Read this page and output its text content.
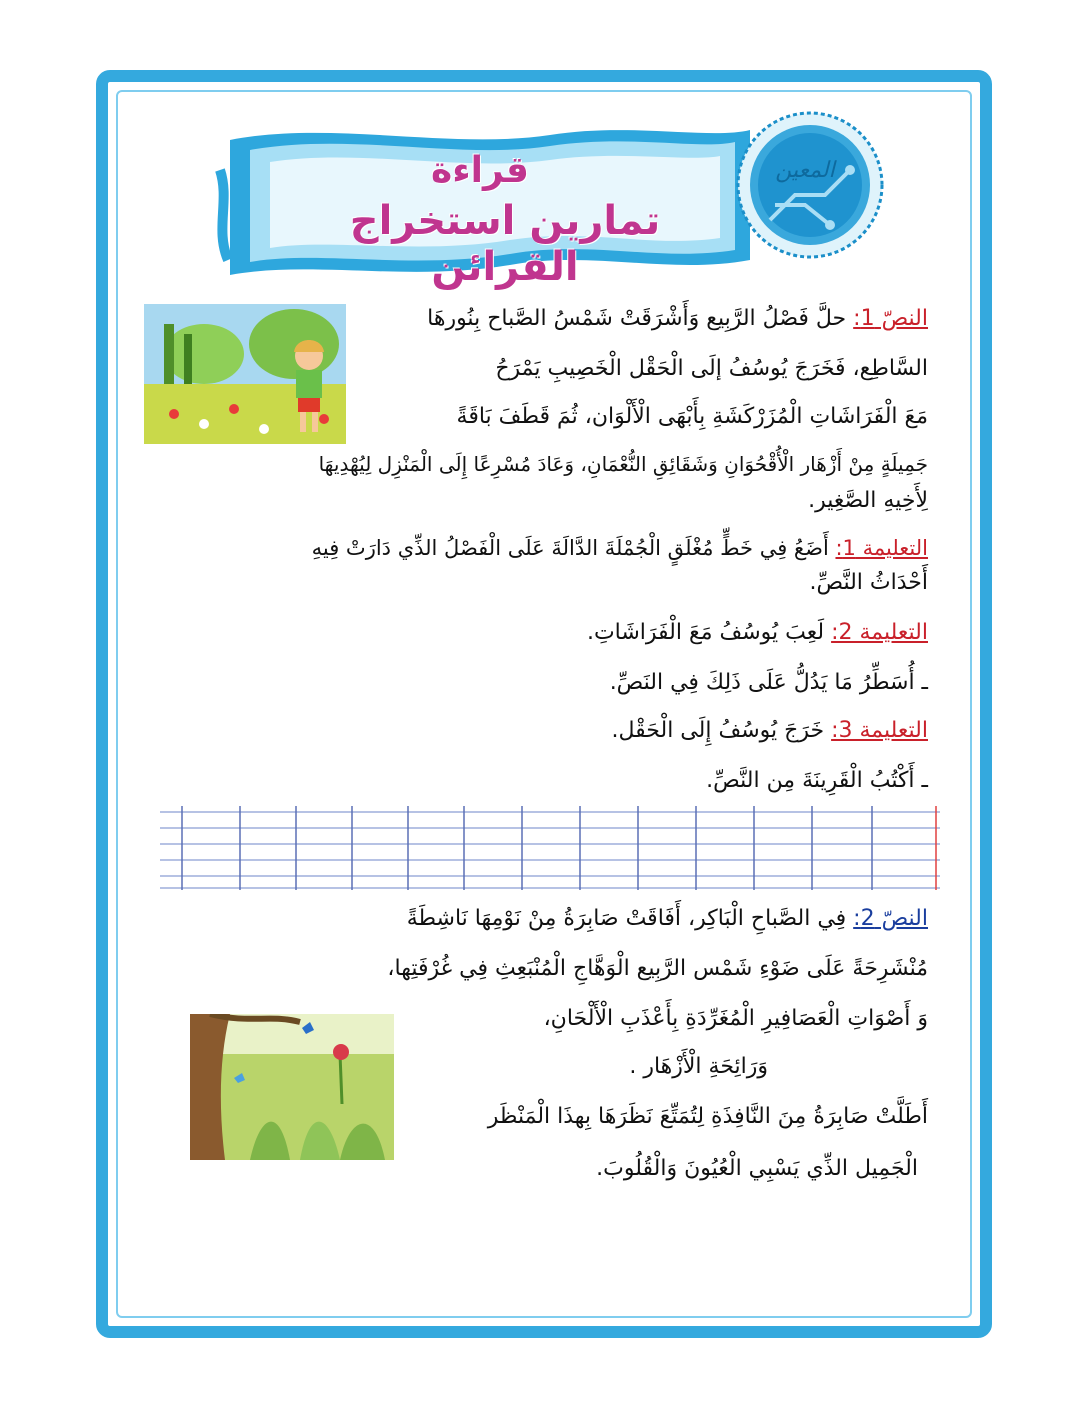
قراءة
تمارين استخراج القرائن
المعين
النصّ 1: حلَّ فَصْلُ الرَّبِيع وَأَشْرَقَتْ شَمْسُ الصَّباح بِنُورهَا
السَّاطِع، فَخَرَجَ يُوسُفُ إلَى الْحَقْل الْخَصِيبِ يَمْرَحُ
مَعَ الْفَرَاشَاتِ الْمُزَرْكَشَةِ بِأَبْهَى الْأَلْوَان، ثُمَ قَطَفَ بَاقَةً
جَمِيلَةٍ مِنْ أَزْهَار الْأُقْحُوَانِ وَشَقَائِقِ النُّعْمَانِ، وَعَادَ مُسْرِعًا إِلَى الْمَنْزِل لِيُهْدِيهَا
لِأَخِيهِ الصَّغِير.
التعليمة 1: أَضَعُ فِي خَطٍّ مُغْلَقٍ الْجُمْلَةَ الدَّالَةَ عَلَى الْفَصْلُ الذِّي دَارَتْ فِيهِ
أَحْدَاثُ النَّصِّ.
التعليمة 2: لَعِبَ يُوسُفُ مَعَ الْفَرَاشَاتِ.
ـ أُسَطِّرُ مَا يَدُلُّ عَلَى ذَلِكَ فِي النَصِّ.
التعليمة 3: خَرَجَ يُوسُفُ إِلَى الْحَقْل.
ـ أَكْتُبُ الْقَرِينَةَ مِن النَّصِّ.
النصّ 2: فِي الصَّباحِ الْبَاكِر، أَفَاقَتْ صَابِرَةُ مِنْ نَوْمِهَا نَاشِطَةً
مُنْشَرِحَةً عَلَى ضَوْءِ شَمْس الرَّبِيع الْوَهَّاجِ الْمُنْبَعِثِ فِي غُرْفَتِها،
وَ أَصْوَاتِ الْعَصَافِيرِ الْمُغَرِّدَةِ بِأَعْذَبِ الْأَلْحَانِ،
وَرَائِحَةِ الْأَزْهَار .
أَطَلَّتْ صَابِرَةُ مِنَ النَّافِذَةِ لِتُمَتِّعَ نَظَرَهَا بِهذَا الْمَنْظَر
الْجَمِيل الذِّي يَسْبِي الْعُيُونَ وَالْقُلُوبَ.
